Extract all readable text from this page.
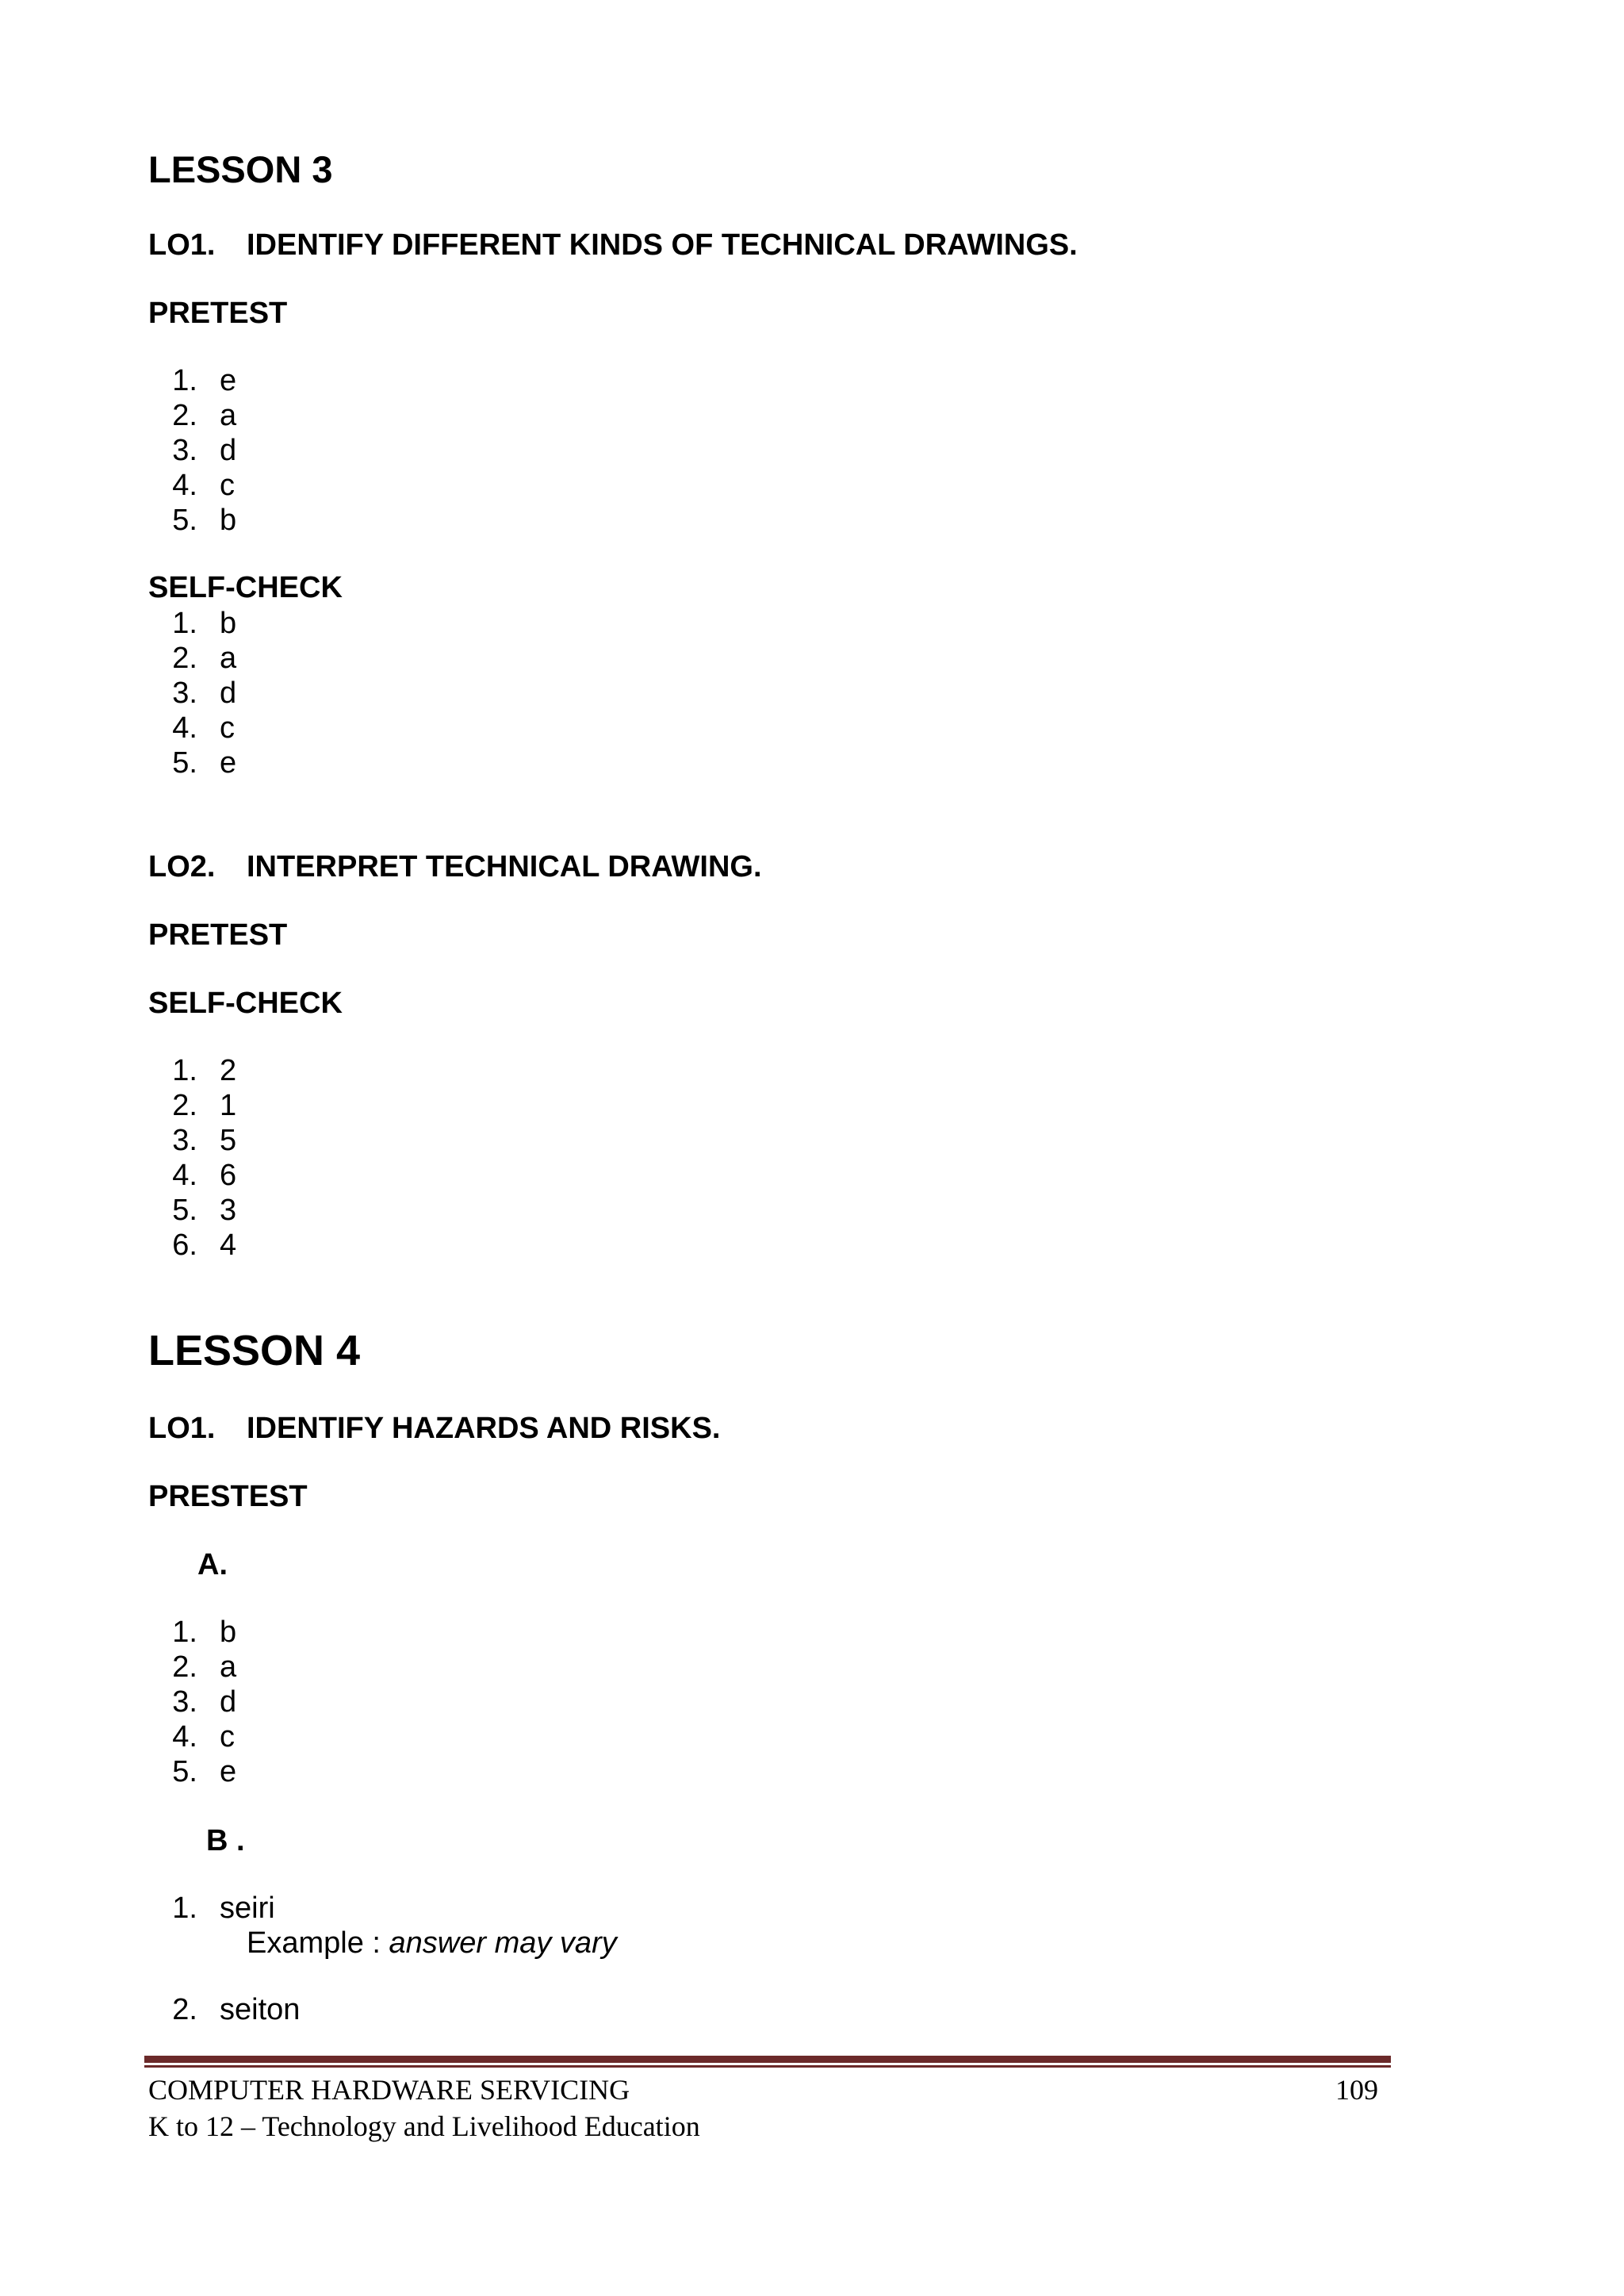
LESSON 3
LO1. IDENTIFY DIFFERENT KINDS OF TECHNICAL DRAWINGS.
PRETEST
1. e
2. a
3. d
4. c
5. b
SELF-CHECK
1. b
2. a
3. d
4. c
5. e
LO2. INTERPRET TECHNICAL DRAWING.
PRETEST
SELF-CHECK
1. 2
2. 1
3. 5
4. 6
5. 3
6. 4
LESSON 4
LO1. IDENTIFY HAZARDS AND RISKS.
PRESTEST
A.
1. b
2. a
3. d
4. c
5. e
B .
1. seiri
Example : answer may vary
2. seiton
COMPUTER HARDWARE SERVICING	109
K to 12 – Technology and Livelihood Education
